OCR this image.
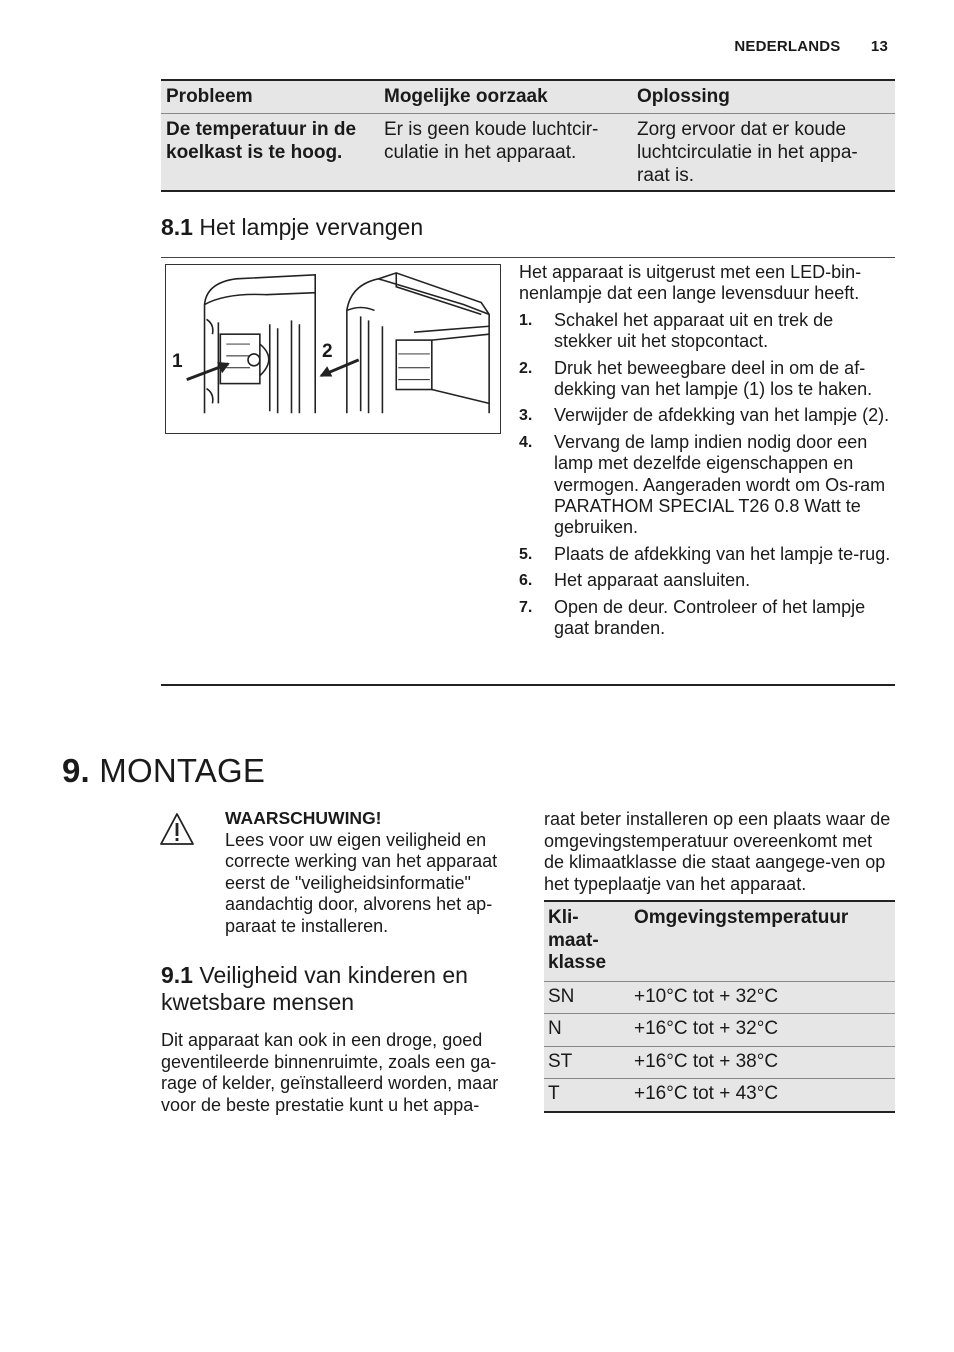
NEDERLANDS 13
Probleem	Mogelijke oorzaak	Oplossing
De temperatuur in de koelkast is te hoog.	Er is geen koude luchtcir-culatie in het apparaat.	Zorg ervoor dat er koude luchtcirculatie in het appa-raat is.
8.1 Het lampje vervangen
1	2
Het apparaat is uitgerust met een LED-bin-nenlampje dat een lange levensduur heeft.
1.	Schakel het apparaat uit en trek de stekker uit het stopcontact.
2.	Druk het beweegbare deel in om de af-dekking van het lampje (1) los te haken.
3.	Verwijder de afdekking van het lampje (2).
4.	Vervang de lamp indien nodig door een lamp met dezelfde eigenschappen en vermogen. Aangeraden wordt om Os-ram PARATHOM SPECIAL T26 0.8 Watt te gebruiken.
5.	Plaats de afdekking van het lampje te-rug.
6.	Het apparaat aansluiten.
7.	Open de deur. Controleer of het lampje gaat branden.
9. MONTAGE
WAARSCHUWING!
Lees voor uw eigen veiligheid en correcte werking van het apparaat eerst de "veiligheidsinformatie" aandachtig door, alvorens het ap-paraat te installeren.
9.1 Veiligheid van kinderen en kwetsbare mensen
Dit apparaat kan ook in een droge, goed geventileerde binnenruimte, zoals een ga-rage of kelder, geïnstalleerd worden, maar voor de beste prestatie kunt u het appa-
raat beter installeren op een plaats waar de omgevingstemperatuur overeenkomt met de klimaatklasse die staat aangege-ven op het typeplaatje van het apparaat.
Kli-
maat-
klasse	Omgevingstemperatuur
SN	+10°C tot + 32°C
N	+16°C tot + 32°C
ST	+16°C tot + 38°C
T	+16°C tot + 43°C
